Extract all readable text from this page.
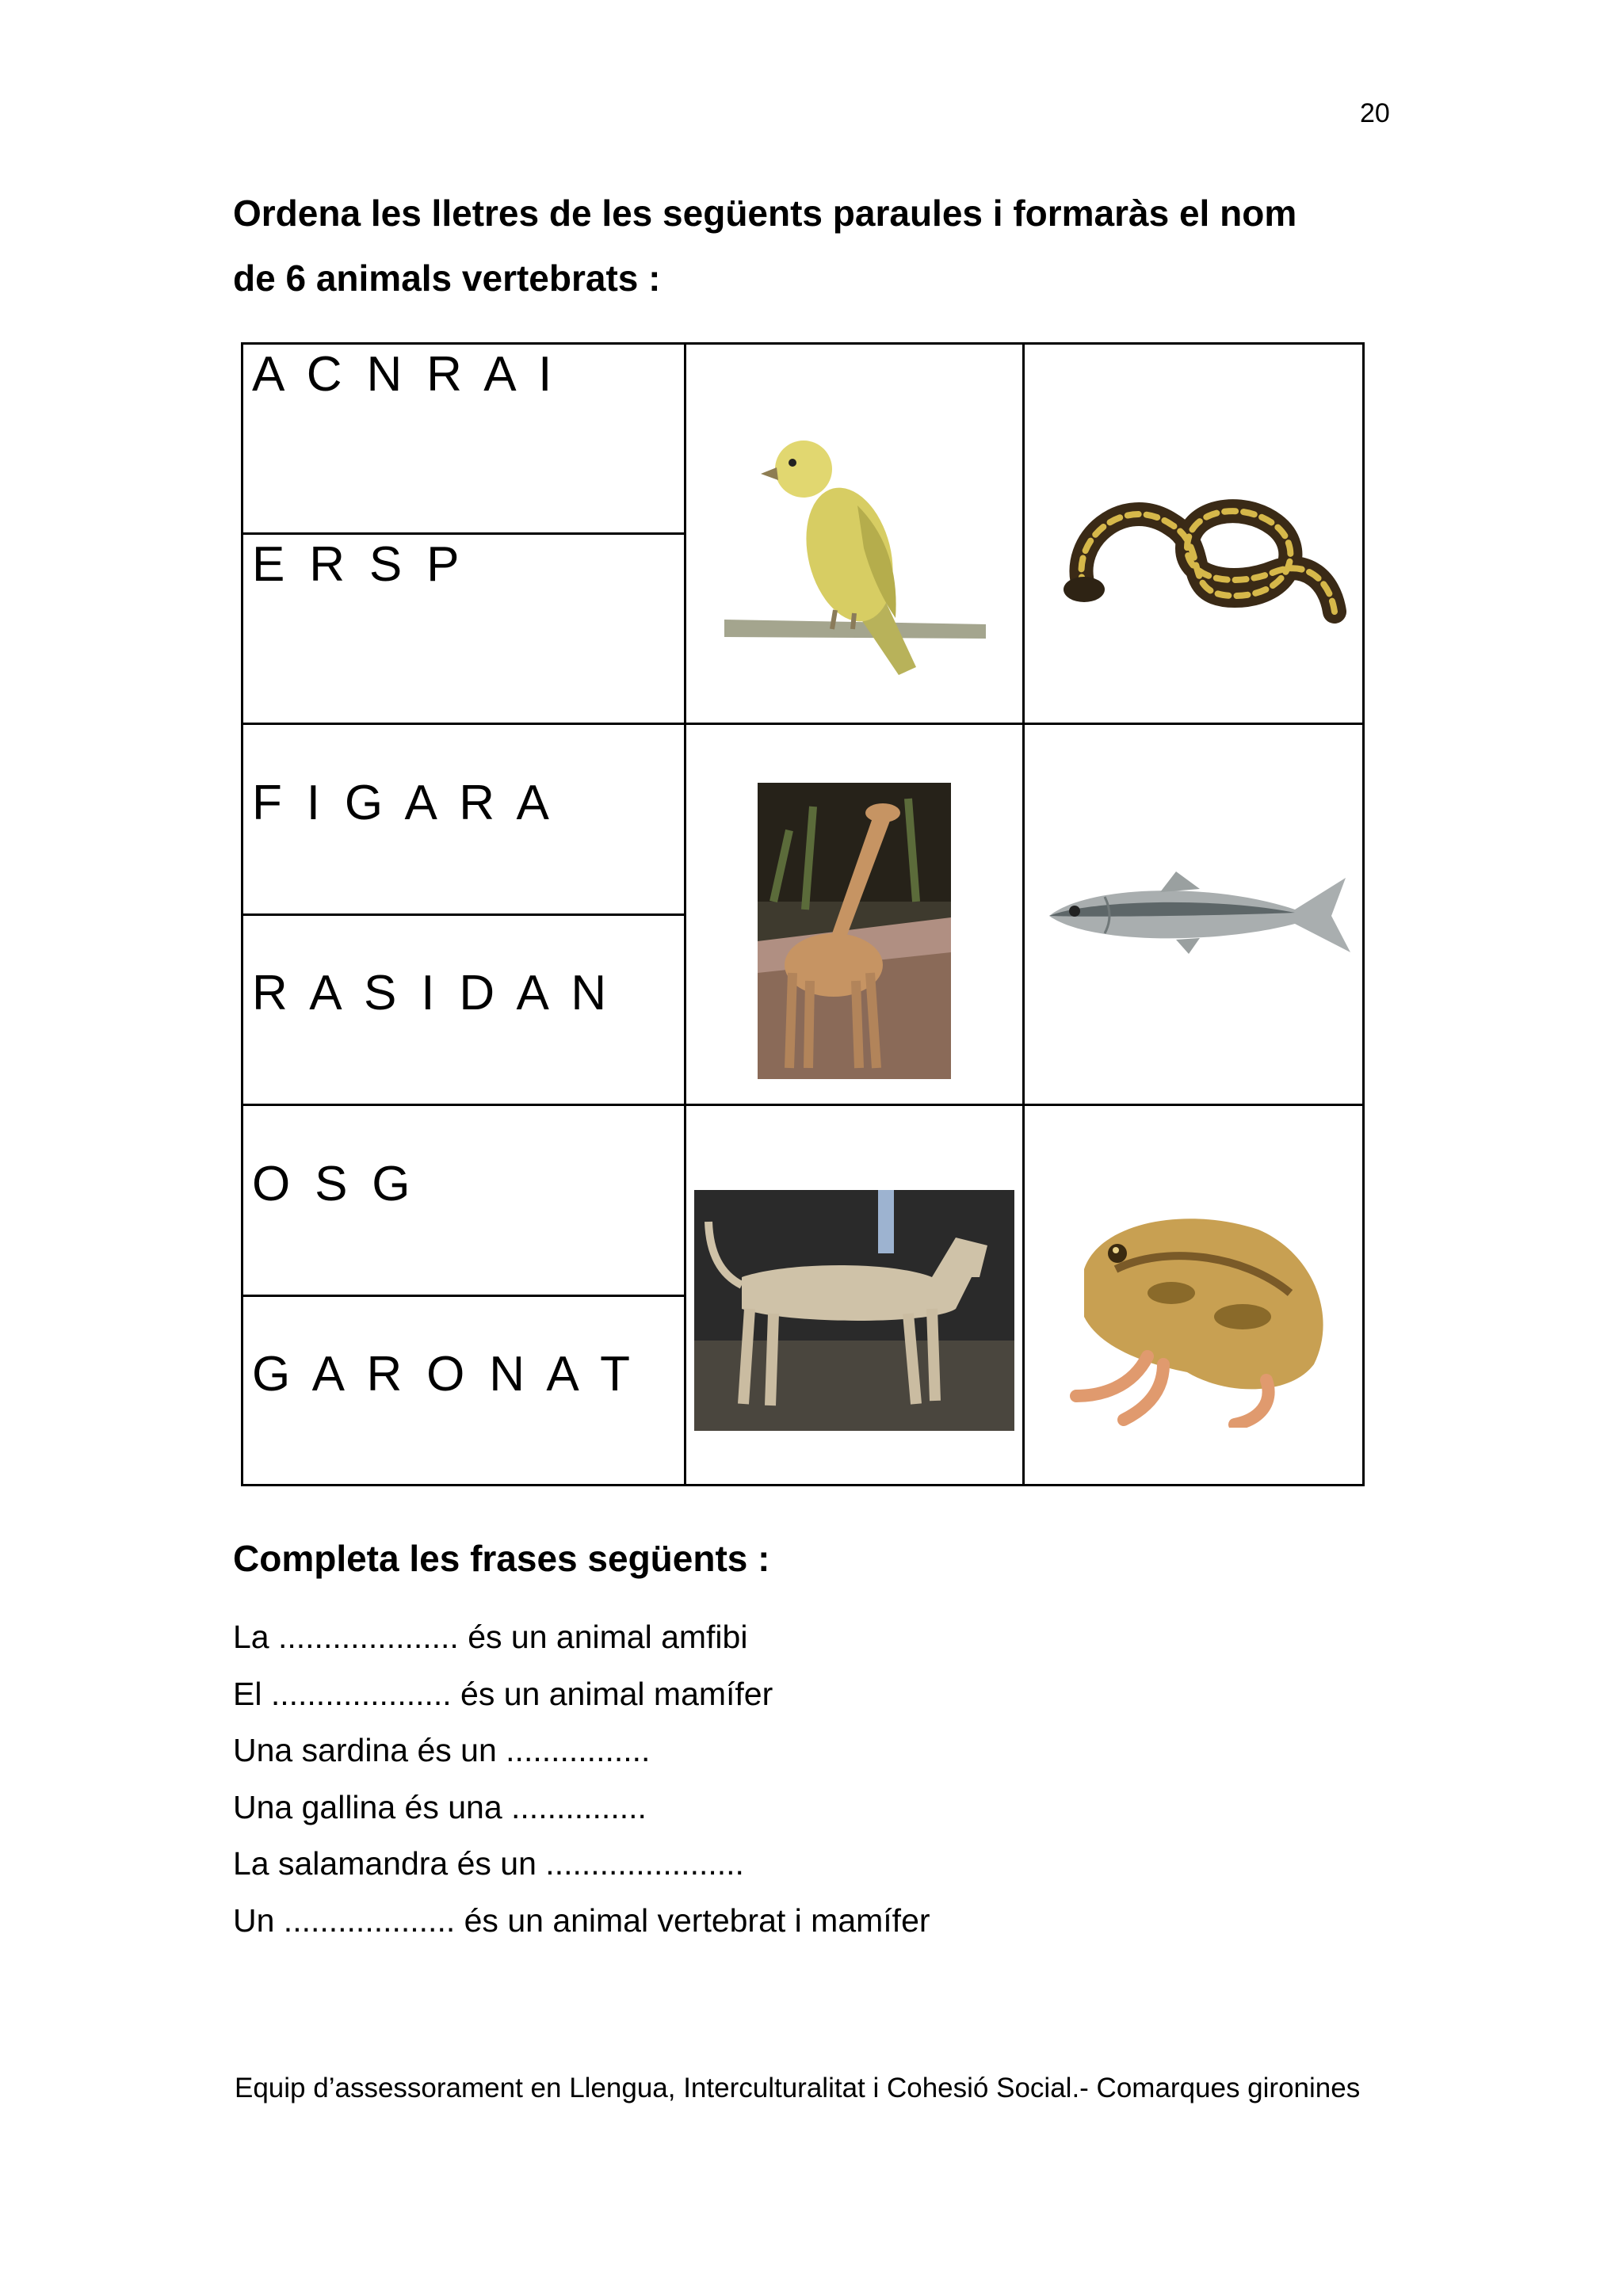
20
Ordena les lletres de les següents paraules i formaràs el nom
de 6 animals vertebrats :
A C N R A I
E R S P
F I G A R A
R A S I D A N
O S G
G A R O N A T
Completa les frases següents :
La .................... és un animal amfibi
El .................... és un animal mamífer
Una sardina és un ................
Una gallina és una ...............
La salamandra és un ......................
Un ................... és un animal vertebrat i mamífer
Equip d’assessorament en Llengua, Interculturalitat i Cohesió Social.- Comarques gironines
